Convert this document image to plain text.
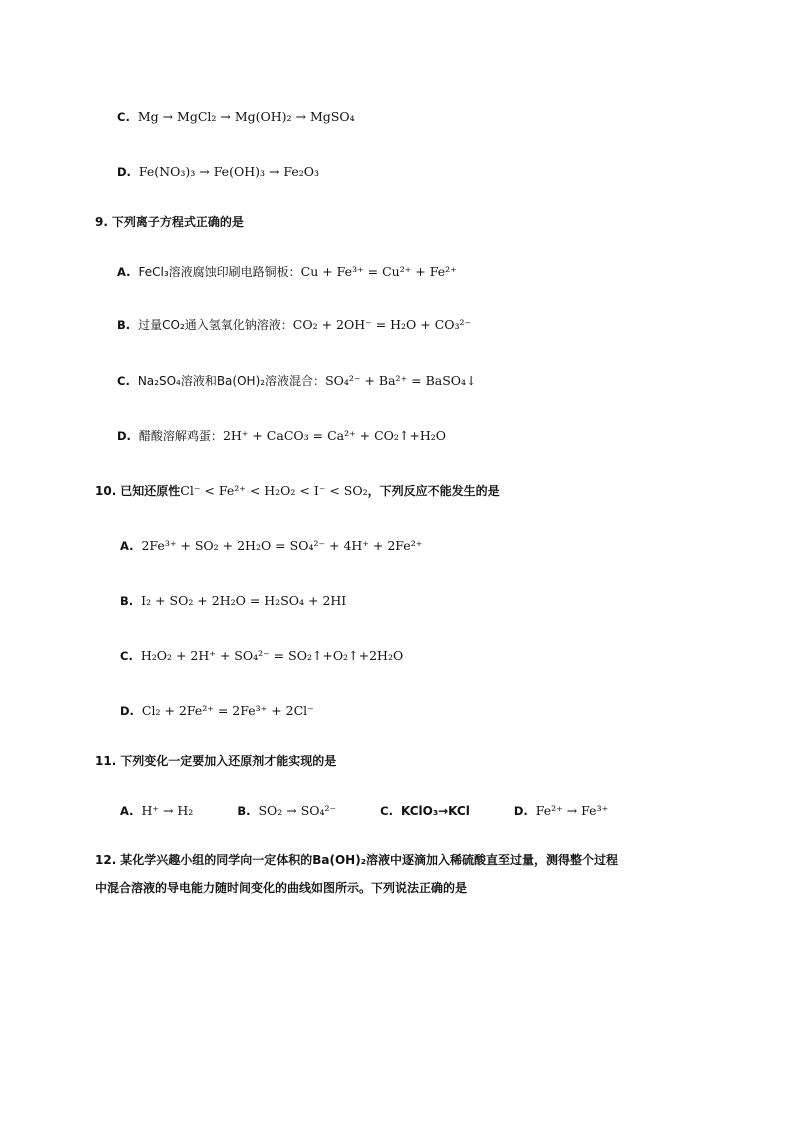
C. Mg → MgCl₂ → Mg(OH)₂ → MgSO₄
D. Fe(NO₃)₃ → Fe(OH)₃ → Fe₂O₃
9. 下列离子方程式正确的是
A. FeCl₃溶液腐蚀印刷电路铜板：Cu + Fe³⁺ = Cu²⁺ + Fe²⁺
B. 过量CO₂通入氢氧化钠溶液：CO₂ + 2OH⁻ = H₂O + CO₃²⁻
C. Na₂SO₄溶液和Ba(OH)₂溶液混合：SO₄²⁻ + Ba²⁺ = BaSO₄↓
D. 醋酸溶解鸡蛋：2H⁺ + CaCO₃ = Ca²⁺ + CO₂↑+H₂O
10. 已知还原性Cl⁻ < Fe²⁺ < H₂O₂ < I⁻ < SO₂，下列反应不能发生的是
A. 2Fe³⁺ + SO₂ + 2H₂O = SO₄²⁻ + 4H⁺ + 2Fe²⁺
B. I₂ + SO₂ + 2H₂O = H₂SO₄ + 2HI
C. H₂O₂ + 2H⁺ + SO₄²⁻ = SO₂↑+O₂↑+2H₂O
D. Cl₂ + 2Fe²⁺ = 2Fe³⁺ + 2Cl⁻
11. 下列变化一定要加入还原剂才能实现的是
A. H⁺ → H₂	B. SO₂ → SO₄²⁻	C. KClO₃→KCl	D. Fe²⁺ → Fe³⁺
12. 某化学兴趣小组的同学向一定体积的Ba(OH)₂溶液中逐滴加入稀硫酸直至过量，测得整个过程
中混合溶液的导电能力随时间变化的曲线如图所示。下列说法正确的是
